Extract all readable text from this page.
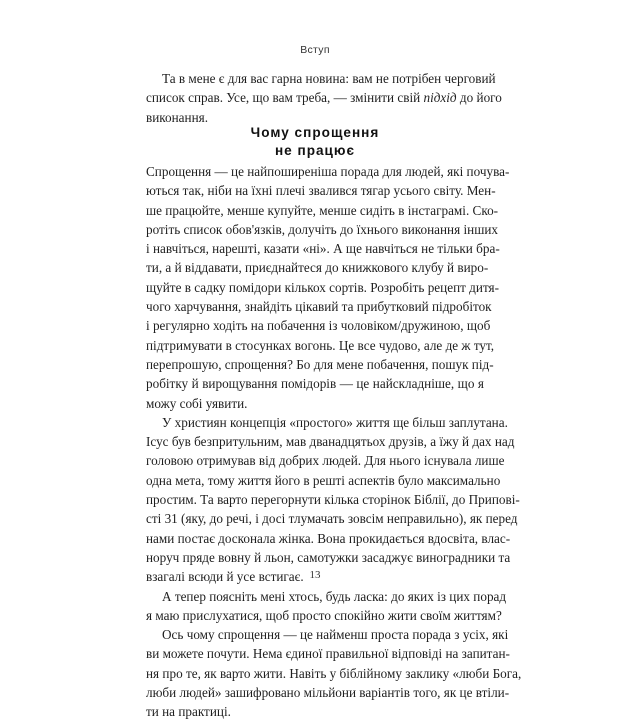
Вступ
Та в мене є для вас гарна новина: вам не потрібен черговий
список справ. Усе, що вам треба, — змінити свій підхід до його
виконання.
Чому спрощення
не працює
Спрощення — це найпоширеніша порада для людей, які почува-
ються так, ніби на їхні плечі звалився тягар усього світу. Мен-
ше працюйте, менше купуйте, менше сидіть в інстаграмі. Ско-
ротіть список обов'язків, долучіть до їхнього виконання інших
і навчіться, нарешті, казати «ні». А ще навчіться не тільки бра-
ти, а й віддавати, приєднайтеся до книжкового клубу й виро-
щуйте в садку помідори кількох сортів. Розробіть рецепт дитя-
чого харчування, знайдіть цікавий та прибутковий підробіток
і регулярно ходіть на побачення із чоловіком/дружиною, щоб
підтримувати в стосунках вогонь. Це все чудово, але де ж тут,
перепрошую, спрощення? Бо для мене побачення, пошук під-
робітку й вирощування помідорів — це найскладніше, що я
можу собі уявити.
У християн концепція «простого» життя ще більш заплутана.
Ісус був безпритульним, мав дванадцятьох друзів, а їжу й дах над
головою отримував від добрих людей. Для нього існувала лише
одна мета, тому життя його в решті аспектів було максимально
простим. Та варто перегорнути кілька сторінок Біблії, до Припові-
сті 31 (яку, до речі, і досі тлумачать зовсім неправильно), як перед
нами постає досконала жінка. Вона прокидається вдосвіта, влас-
норуч пряде вовну й льон, самотужки засаджує виноградники та
взагалі всюди й усе встигає.
А тепер поясніть мені хтось, будь ласка: до яких із цих порад
я маю прислухатися, щоб просто спокійно жити своїм життям?
Ось чому спрощення — це найменш проста порада з усіх, які
ви можете почути. Нема єдиної правильної відповіді на запитан-
ня про те, як варто жити. Навіть у біблійному заклику «люби Бога,
люби людей» зашифровано мільйони варіантів того, як це втіли-
ти на практиці.
13
